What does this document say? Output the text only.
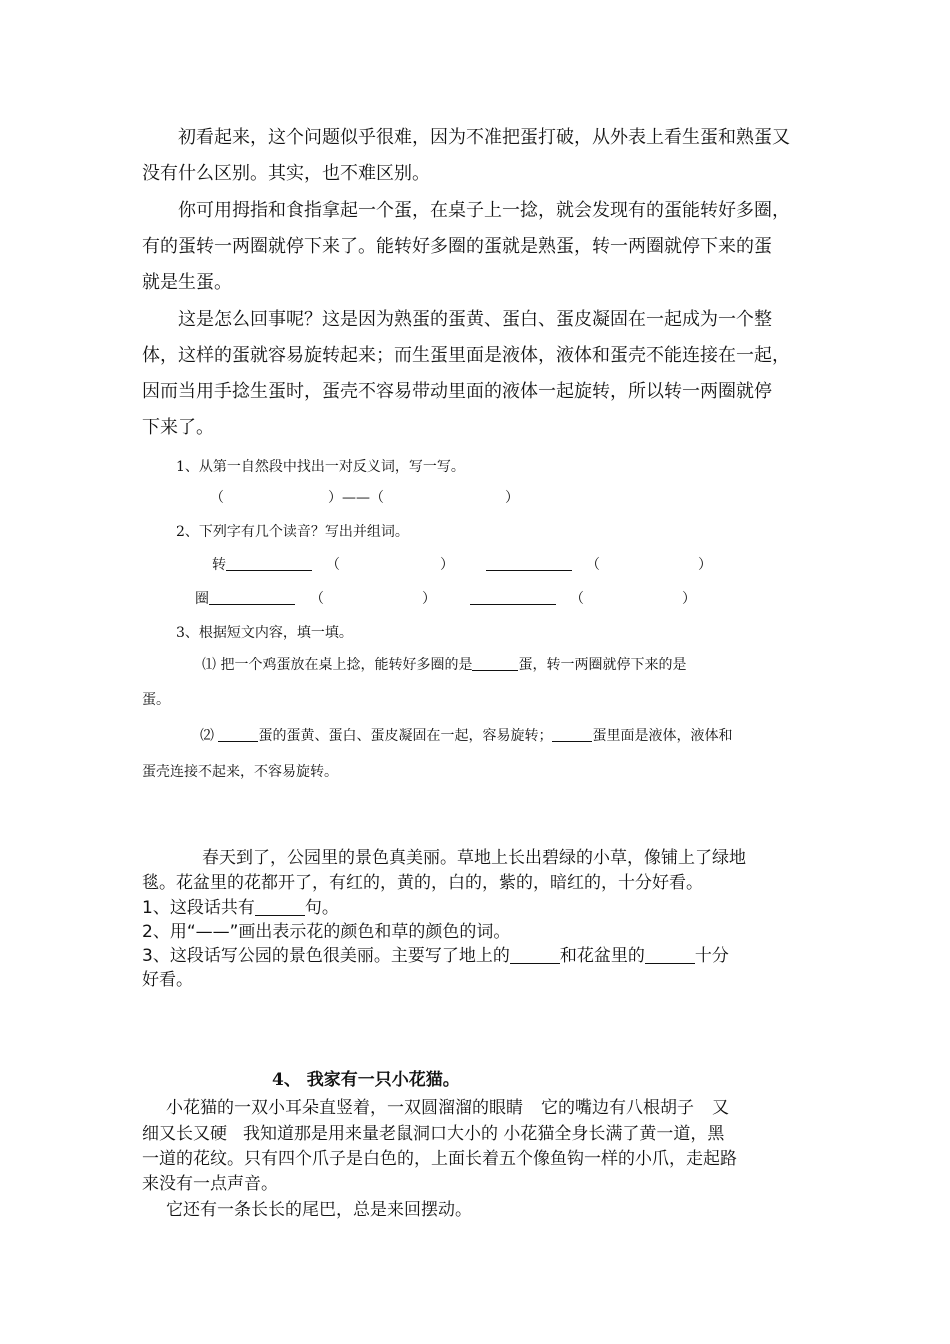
初看起来，这个问题似乎很难，因为不准把蛋打破，从外表上看生蛋和熟蛋又

没有什么区别。其实，也不难区别。

你可用拇指和食指拿起一个蛋，在桌子上一捻，就会发现有的蛋能转好多圈，

有的蛋转一两圈就停下来了。能转好多圈的蛋就是熟蛋，转一两圈就停下来的蛋

就是生蛋。

这是怎么回事呢？这是因为熟蛋的蛋黄、蛋白、蛋皮凝固在一起成为一个整

体，这样的蛋就容易旋转起来；而生蛋里面是液体，液体和蛋壳不能连接在一起，

因而当用手捻生蛋时，蛋壳不容易带动里面的液体一起旋转，所以转一两圈就停

下来了。

1、从第一自然段中找出一对反义词，写一写。

（	）——（	）

2、下列字有几个读音？写出并组词。

转	（	）	（	）

圈	（	）	（	）

3、根据短文内容，填一填。

⑴ 把一个鸡蛋放在桌上捻，能转好多圈的是	蛋，转一两圈就停下来的是

蛋。

⑵	蛋的蛋黄、蛋白、蛋皮凝固在一起，容易旋转；	蛋里面是液体，液体和

蛋壳连接不起来，不容易旋转。

春天到了，公园里的景色真美丽。草地上长出碧绿的小草，像铺上了绿地

毯。花盆里的花都开了，有红的，黄的，白的，紫的，暗红的，十分好看。

1、这段话共有	句。

2、用“——”画出表示花的颜色和草的颜色的词。

3、这段话写公园的景色很美丽。主要写了地上的	和花盆里的	十分

好看。

4、 我家有一只小花猫。

小花猫的一双小耳朵直竖着，一双圆溜溜的眼睛 它的嘴边有八根胡子 又

细又长又硬 我知道那是用来量老鼠洞口大小的 小花猫全身长满了黄一道，黑

一道的花纹。只有四个爪子是白色的，上面长着五个像鱼钩一样的小爪，走起路

来没有一点声音。

它还有一条长长的尾巴，总是来回摆动。
